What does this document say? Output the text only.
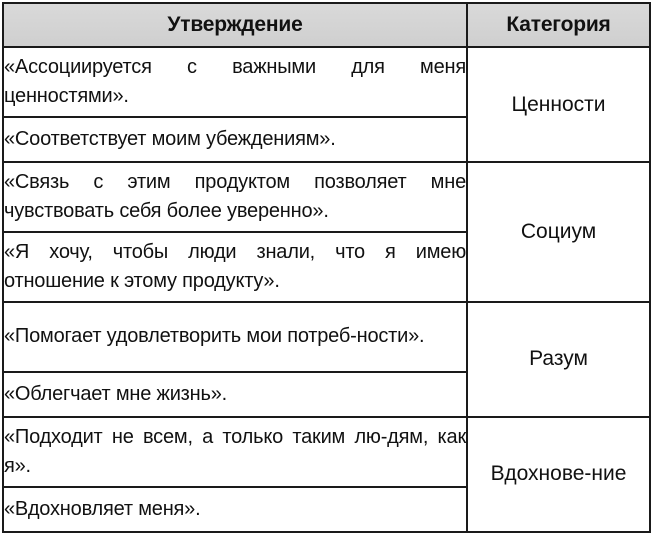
Утверждение	Категория
«Ассоциируется с важными для меня ценностями».	Ценности
«Соответствует моим убеждениям».	
«Связь с этим продуктом позволяет мне чувствовать себя более уверенно».	Социум
«Я хочу, чтобы люди знали, что я имею отношение к этому продукту».	
«Помогает удовлетворить мои потреб-ности».	Разум
«Облегчает мне жизнь».	
«Подходит не всем, а только таким лю-дям, как я».	Вдохнове-ние
«Вдохновляет меня».	
